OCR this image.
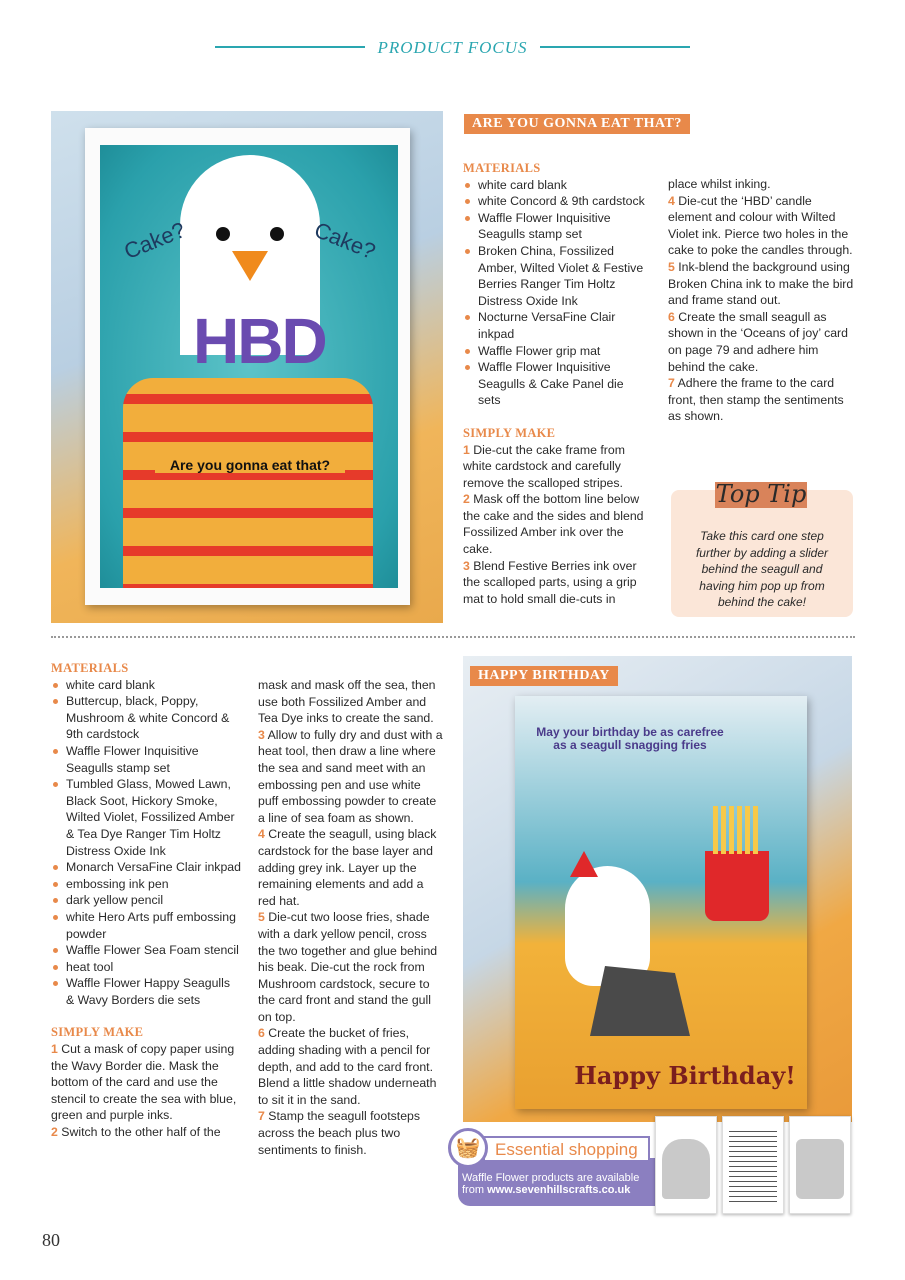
PRODUCT FOCUS
Cake?	Cake?
HBD
Are you gonna eat that?
ARE YOU GONNA EAT THAT?
MATERIALS
white card blank
white Concord & 9th cardstock
Waffle Flower Inquisitive Seagulls stamp set
Broken China, Fossilized Amber, Wilted Violet & Festive Berries Ranger Tim Holtz Distress Oxide Ink
Nocturne VersaFine Clair inkpad
Waffle Flower grip mat
Waffle Flower Inquisitive Seagulls & Cake Panel die sets
SIMPLY MAKE
1 Die-cut the cake frame from white cardstock and carefully remove the scalloped stripes.
2 Mask off the bottom line below the cake and the sides and blend Fossilized Amber ink over the cake.
3 Blend Festive Berries ink over the scalloped parts, using a grip mat to hold small die-cuts in
place whilst inking.
4 Die-cut the ‘HBD’ candle element and colour with Wilted Violet ink. Pierce two holes in the cake to poke the candles through.
5 Ink-blend the background using Broken China ink to make the bird and frame stand out.
6 Create the small seagull as shown in the ‘Oceans of joy’ card on page 79 and adhere him behind the cake.
7 Adhere the frame to the card front, then stamp the sentiments as shown.
Top Tip
Take this card one step further by adding a slider behind the seagull and having him pop up from behind the cake!
MATERIALS
white card blank
Buttercup, black, Poppy, Mushroom & white Concord & 9th cardstock
Waffle Flower Inquisitive Seagulls stamp set
Tumbled Glass, Mowed Lawn, Black Soot, Hickory Smoke, Wilted Violet, Fossilized Amber & Tea Dye Ranger Tim Holtz Distress Oxide Ink
Monarch VersaFine Clair inkpad
embossing ink pen
dark yellow pencil
white Hero Arts puff embossing powder
Waffle Flower Sea Foam stencil
heat tool
Waffle Flower Happy Seagulls & Wavy Borders die sets
SIMPLY MAKE
1 Cut a mask of copy paper using the Wavy Border die. Mask the bottom of the card and use the stencil to create the sea with blue, green and purple inks.
2 Switch to the other half of the
mask and mask off the sea, then use both Fossilized Amber and Tea Dye inks to create the sand.
3 Allow to fully dry and dust with a heat tool, then draw a line where the sea and sand meet with an embossing pen and use white puff embossing powder to create a line of sea foam as shown.
4 Create the seagull, using black cardstock for the base layer and adding grey ink. Layer up the remaining elements and add a red hat.
5 Die-cut two loose fries, shade with a dark yellow pencil, cross the two together and glue behind his beak. Die-cut the rock from Mushroom cardstock, secure to the card front and stand the gull on top.
6 Create the bucket of fries, adding shading with a pencil for depth, and add to the card front. Blend a little shadow underneath to sit it in the sand.
7 Stamp the seagull footsteps across the beach plus two sentiments to finish.
May your birthday be as carefree as a seagull snagging fries
Happy Birthday!
HAPPY BIRTHDAY
Essential shopping
🧺
Waffle Flower products are available from www.sevenhillscrafts.co.uk
80
